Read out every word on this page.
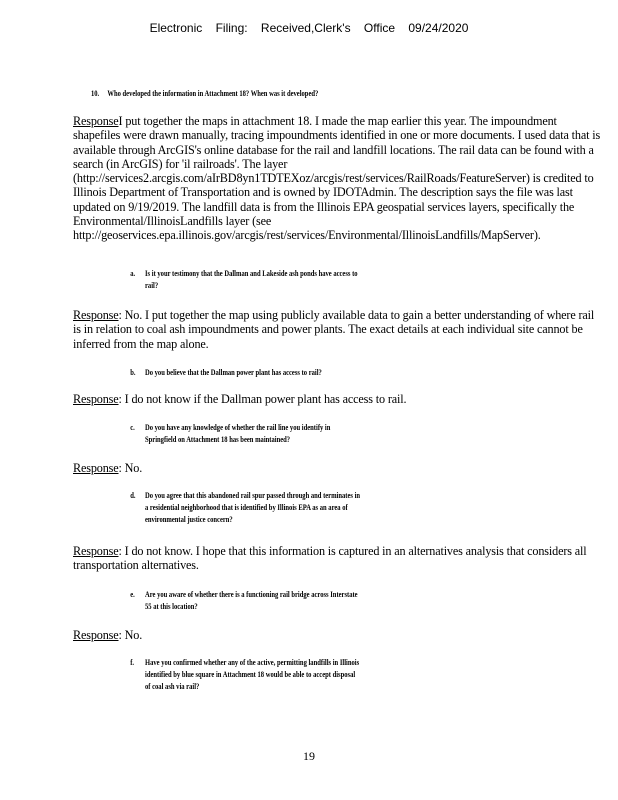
Electronic Filing: Received,Clerk's Office 09/24/2020
10. Who developed the information in Attachment 18? When was it developed?
ResponseI put together the maps in attachment 18. I made the map earlier this year. The impoundment shapefiles were drawn manually, tracing impoundments identified in one or more documents. I used data that is available through ArcGIS's online database for the rail and landfill locations. The rail data can be found with a search (in ArcGIS) for 'il railroads'. The layer (http://services2.arcgis.com/aIrBD8yn1TDTEXoz/arcgis/rest/services/RailRoads/FeatureServer) is credited to Illinois Department of Transportation and is owned by IDOTAdmin. The description says the file was last updated on 9/19/2019. The landfill data is from the Illinois EPA geospatial services layers, specifically the Environmental/IllinoisLandfills layer (see http://geoservices.epa.illinois.gov/arcgis/rest/services/Environmental/IllinoisLandfills/MapServer).
a. Is it your testimony that the Dallman and Lakeside ash ponds have access to
rail?
Response: No. I put together the map using publicly available data to gain a better understanding of where rail is in relation to coal ash impoundments and power plants. The exact details at each individual site cannot be inferred from the map alone.
b. Do you believe that the Dallman power plant has access to rail?
Response: I do not know if the Dallman power plant has access to rail.
c. Do you have any knowledge of whether the rail line you identify in
Springfield on Attachment 18 has been maintained?
Response: No.
d. Do you agree that this abandoned rail spur passed through and terminates in
a residential neighborhood that is identified by Illinois EPA as an area of
environmental justice concern?
Response: I do not know. I hope that this information is captured in an alternatives analysis that considers all transportation alternatives.
e. Are you aware of whether there is a functioning rail bridge across Interstate
55 at this location?
Response: No.
f. Have you confirmed whether any of the active, permitting landfills in Illinois
identified by blue square in Attachment 18 would be able to accept disposal
of coal ash via rail?
19
